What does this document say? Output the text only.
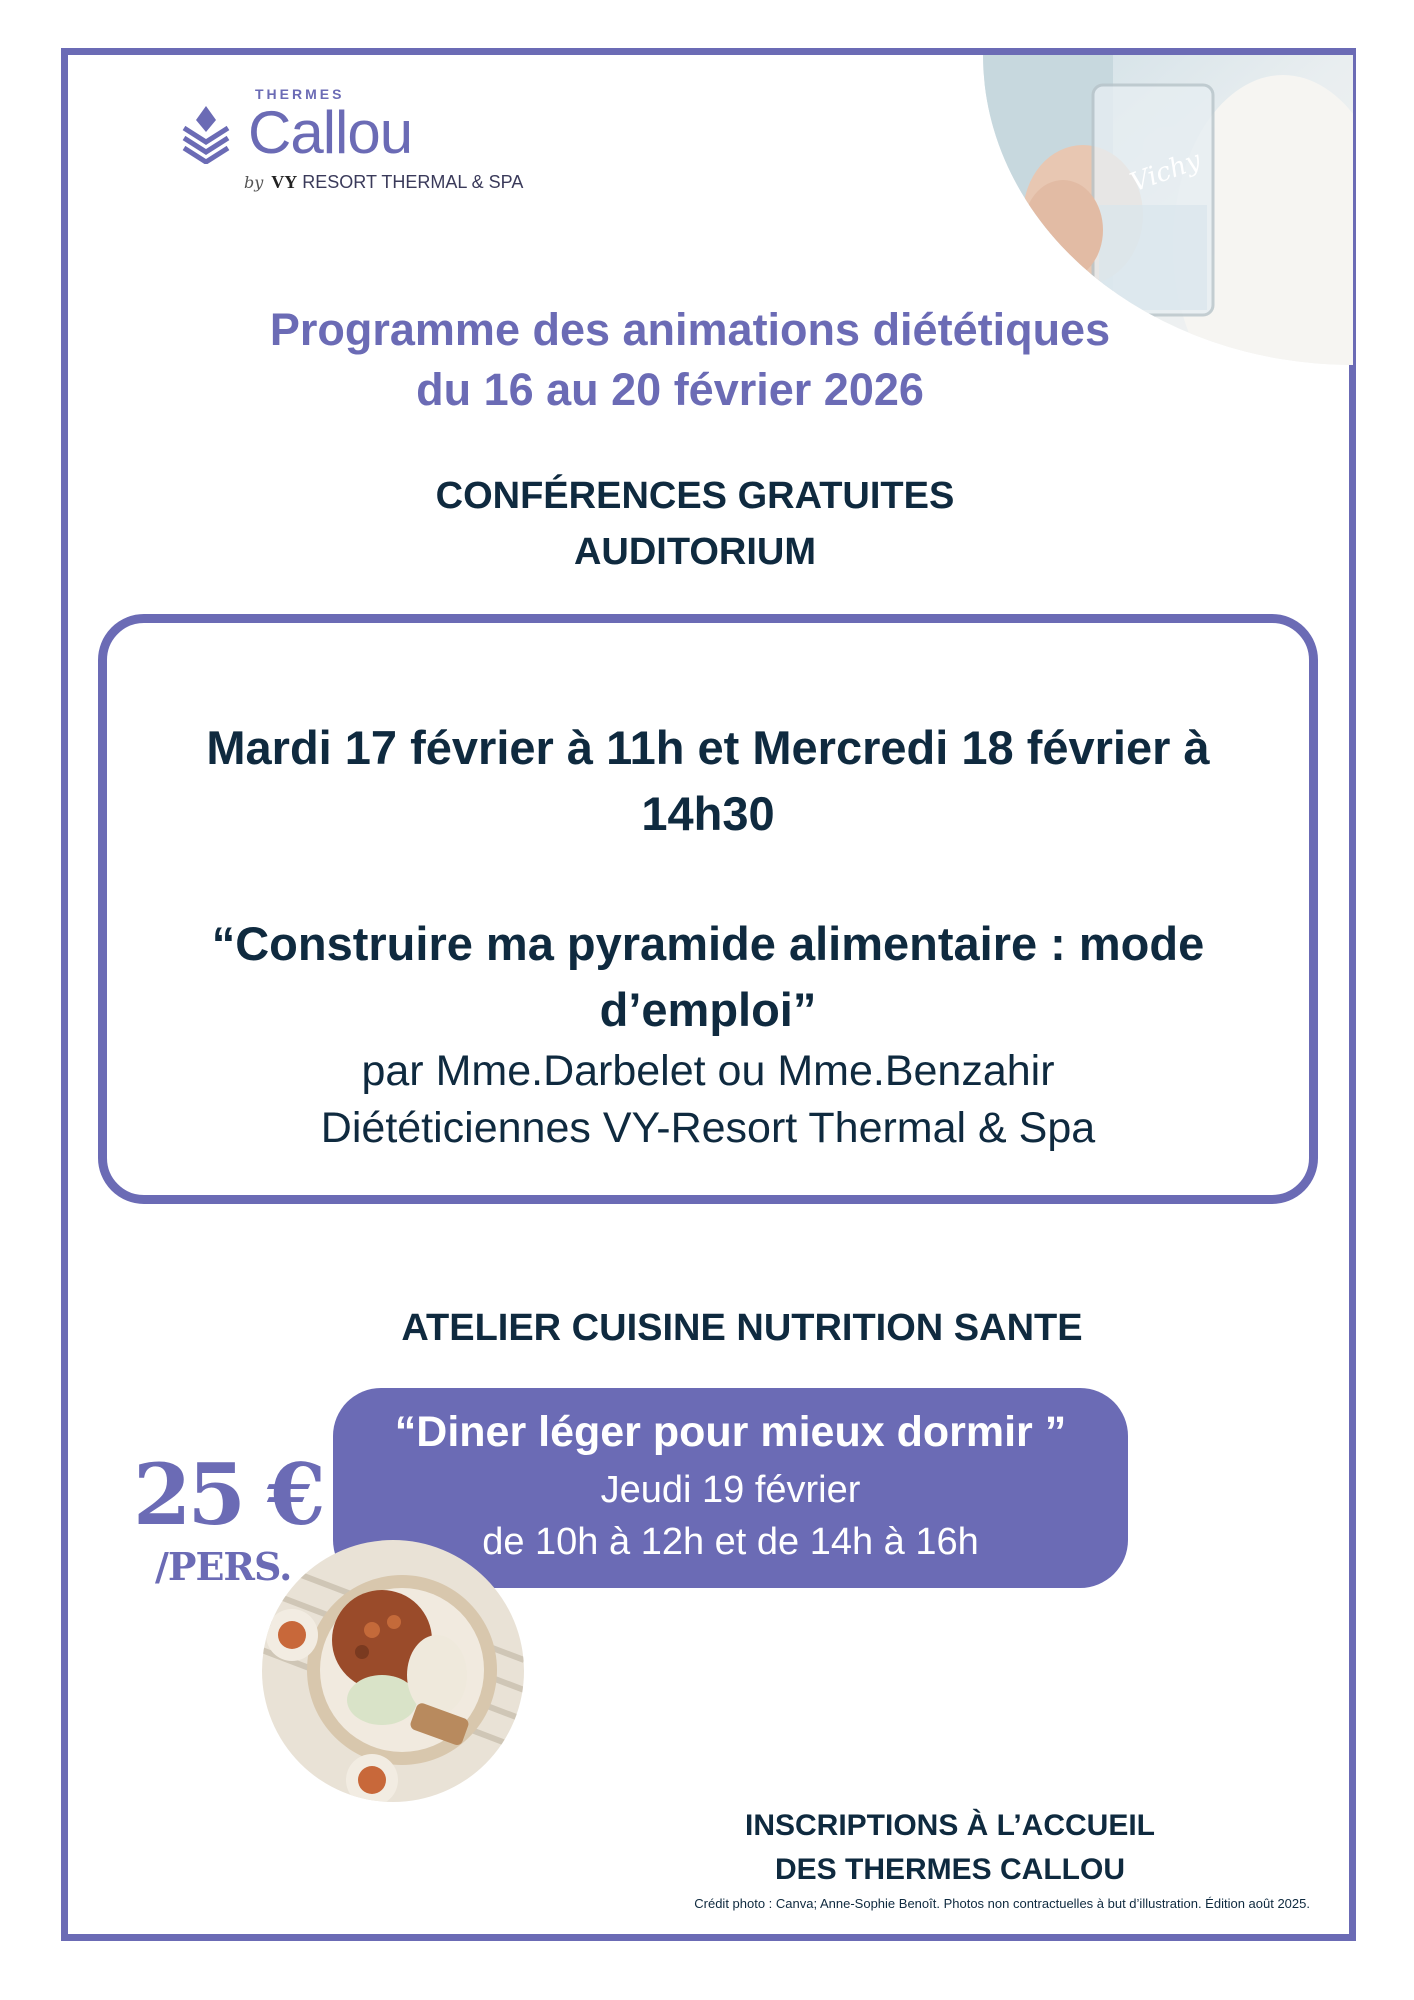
THERMES
Callou
by VY RESORT THERMAL & SPA	Vichy
Programme des animations diététiques
du 16 au 20 février 2026
CONFÉRENCES GRATUITES
AUDITORIUM
Mardi 17 février à 11h et Mercredi 18 février à
14h30
“Construire ma pyramide alimentaire : mode
d’emploi”
par Mme.Darbelet ou Mme.Benzahir
Diététiciennes VY-Resort Thermal & Spa
ATELIER CUISINE NUTRITION SANTE
“Diner léger pour mieux dormir ”
Jeudi 19 février
de 10h à 12h et de 14h à 16h
25 €
/PERS.
INSCRIPTIONS À L’ACCUEIL
DES THERMES CALLOU
Crédit photo : Canva; Anne-Sophie Benoît. Photos non contractuelles à but d’illustration. Édition août 2025.
